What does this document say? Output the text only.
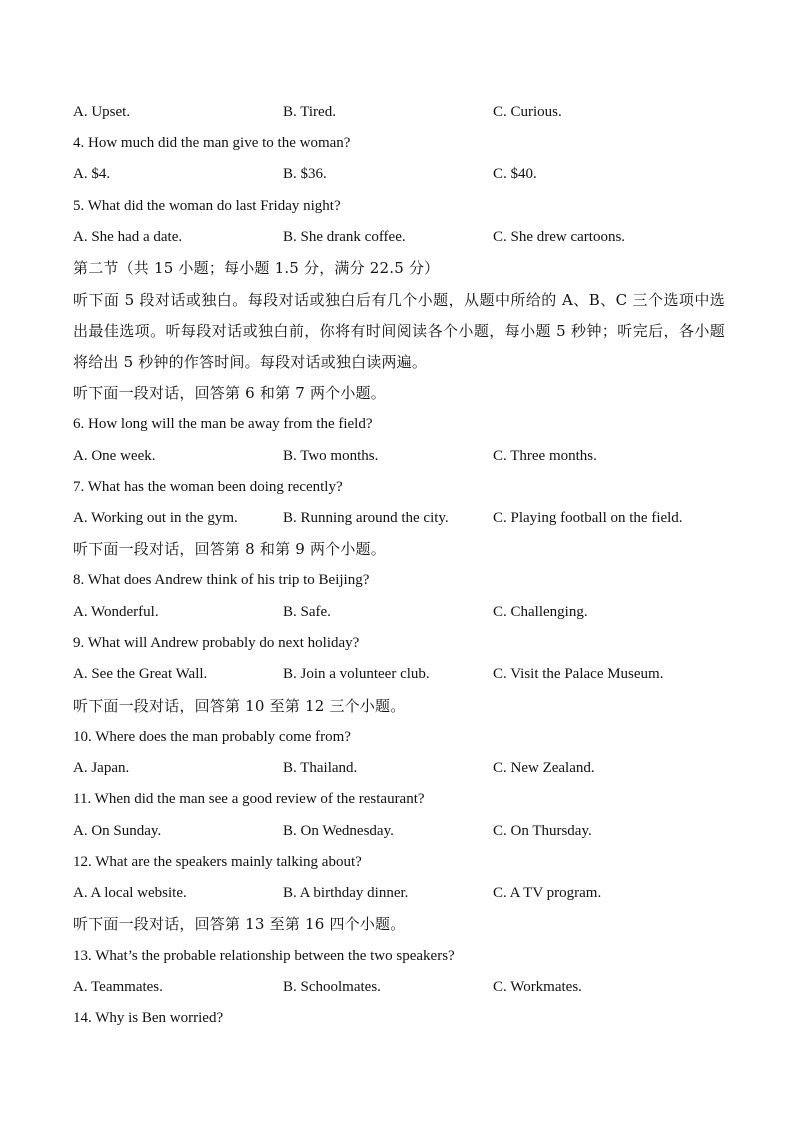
A. Upset.	B. Tired.	C. Curious.
4. How much did the man give to the woman?
A. $4.	B. $36.	C. $40.
5. What did the woman do last Friday night?
A. She had a date.	B. She drank coffee.	C. She drew cartoons.
第二节（共 15 小题；每小题 1.5 分，满分 22.5 分）
听下面 5 段对话或独白。每段对话或独白后有几个小题，从题中所给的 A、B、C 三个选项中选出最佳选项。听每段对话或独白前，你将有时间阅读各个小题，每小题 5 秒钟；听完后，各小题将给出 5 秒钟的作答时间。每段对话或独白读两遍。
听下面一段对话，回答第 6 和第 7 两个小题。
6. How long will the man be away from the field?
A. One week.	B. Two months.	C. Three months.
7. What has the woman been doing recently?
A. Working out in the gym.	B. Running around the city.	C. Playing football on the field.
听下面一段对话，回答第 8 和第 9 两个小题。
8. What does Andrew think of his trip to Beijing?
A. Wonderful.	B. Safe.	C. Challenging.
9. What will Andrew probably do next holiday?
A. See the Great Wall.	B. Join a volunteer club.	C. Visit the Palace Museum.
听下面一段对话，回答第 10 至第 12 三个小题。
10. Where does the man probably come from?
A. Japan.	B. Thailand.	C. New Zealand.
11. When did the man see a good review of the restaurant?
A. On Sunday.	B. On Wednesday.	C. On Thursday.
12. What are the speakers mainly talking about?
A. A local website.	B. A birthday dinner.	C. A TV program.
听下面一段对话，回答第 13 至第 16 四个小题。
13. What’s the probable relationship between the two speakers?
A. Teammates.	B. Schoolmates.	C. Workmates.
14. Why is Ben worried?
